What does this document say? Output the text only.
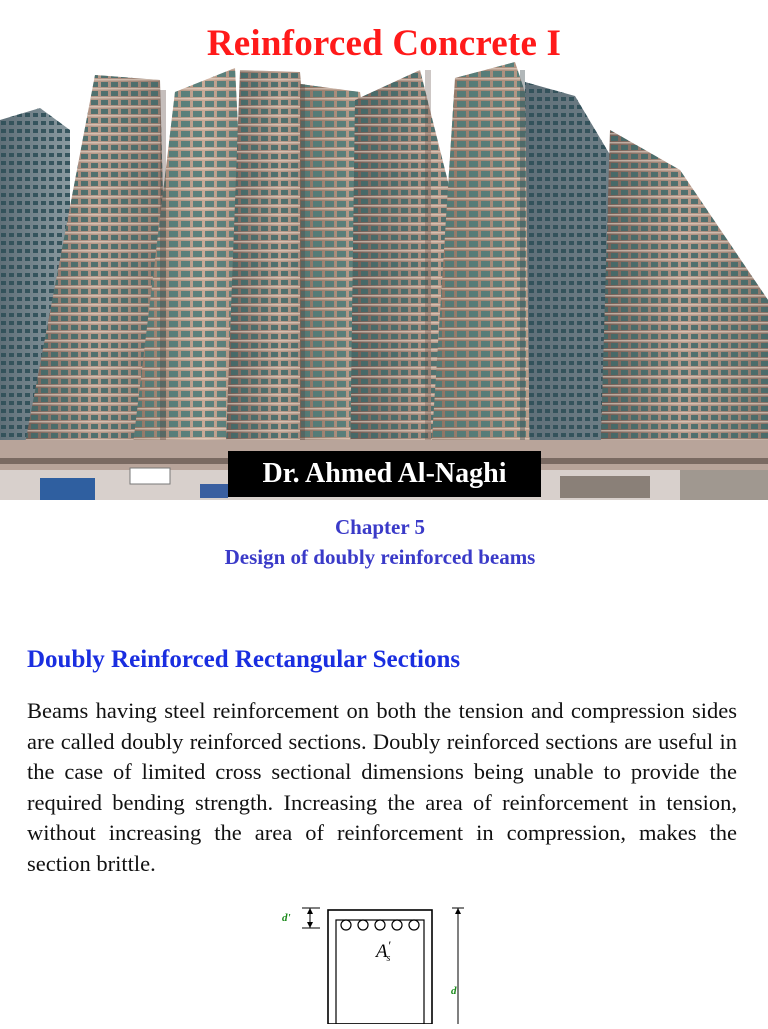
Reinforced Concrete I
Dr. Ahmed Al-Naghi
Chapter 5
Design of doubly reinforced beams
Doubly Reinforced Rectangular Sections

Beams having steel reinforcement on both the tension and compression sides are called doubly reinforced sections. Doubly reinforced sections are useful in the case of limited cross sectional dimensions being unable to provide the required bending strength. Increasing the area of reinforcement in tension, without increasing the area of reinforcement in compression, makes the section brittle.

d'
A′ s
d
